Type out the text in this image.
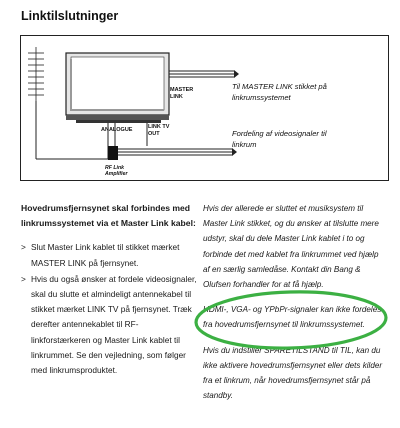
Linktilslutninger
MASTER
LINK
Til MASTER LINK stikket på
linkrumssystemet
ANALOGUE	LINK TV
OUT
RF Link
Amplifier
Fordeling af videosignaler til
linkrum
Hovedrumsfjernsynet skal forbindes med linkrumssystemet via et Master Link kabel:
> Slut Master Link kablet til stikket mærket MASTER LINK på fjernsynet.
> Hvis du også ønsker at fordele videosignaler, skal du slutte et almindeligt antennekabel til stikket mærket LINK TV på fjernsynet. Træk derefter antennekablet til RF-linkforstærkeren og Master Link kablet til linkrummet. Se den vejledning, som følger med linkrumsproduktet.

Hvis der allerede er sluttet et musiksystem til Master Link stikket, og du ønsker at tilslutte mere udstyr, skal du dele Master Link kablet i to og forbinde det med kablet fra linkrummet ved hjælp af en særlig samledåse. Kontakt din Bang & Olufsen forhandler for at få hjælp.

HDMI-, VGA- og YPbPr-signaler kan ikke fordeles fra hovedrumsfjernsynet til linkrumssystemet.

Hvis du indstiller SPARETILSTAND til TIL, kan du ikke aktivere hovedrumsfjernsynet eller dets kilder fra et linkrum, når hovedrumsfjernsynet står på standby.
